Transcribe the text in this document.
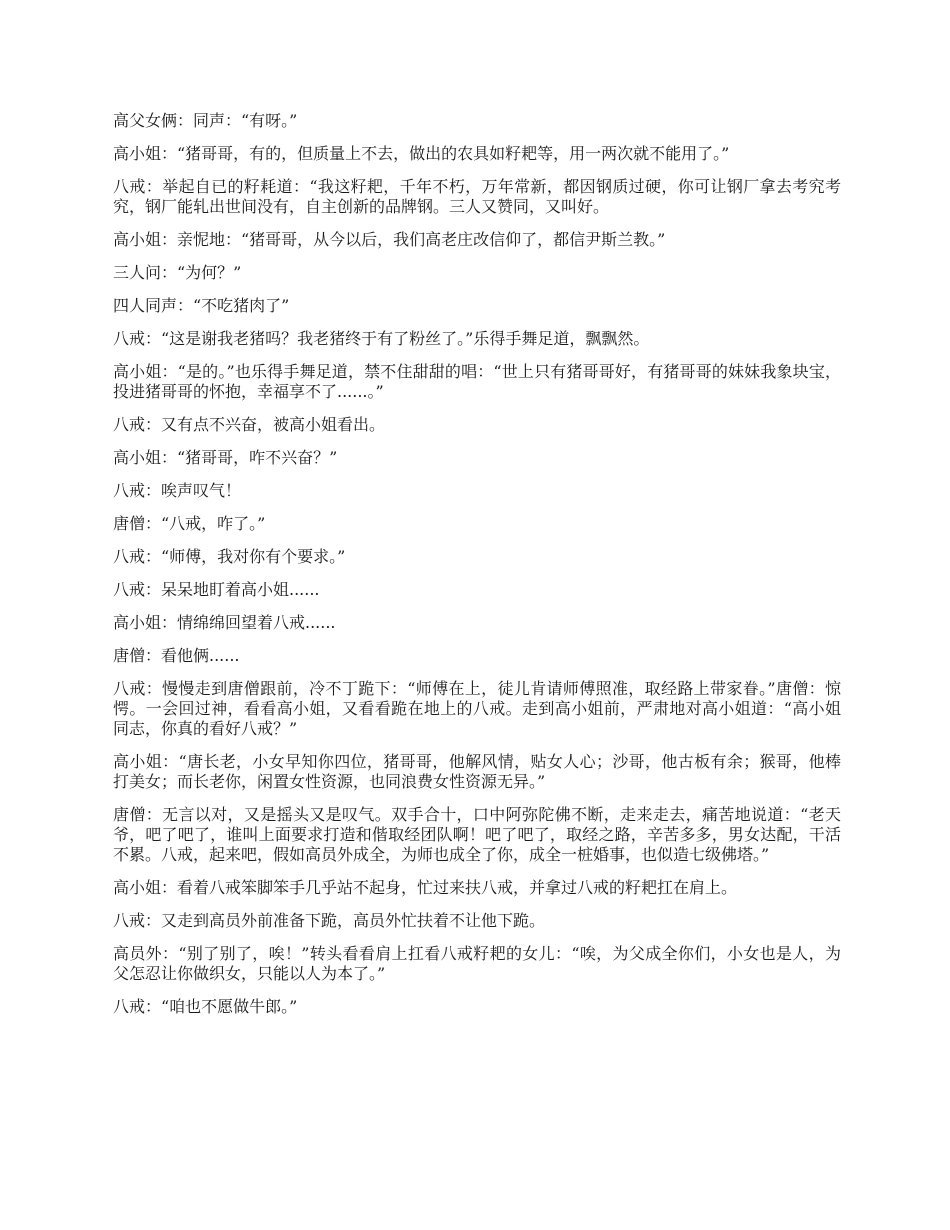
高父女俩：同声：“有呀。”

高小姐：“猪哥哥，有的，但质量上不去，做出的农具如籽耙等，用一两次就不能用了。”

八戒：举起自已的籽耗道：“我这籽耙，千年不朽，万年常新，都因钢质过硬，你可让钢厂拿去考究考究，钢厂能轧出世间没有，自主创新的品牌钢。三人又赞同，又叫好。

高小姐：亲怩地：“猪哥哥，从今以后，我们高老庄改信仰了，都信尹斯兰教。”

三人问：“为何？”

四人同声：“不吃猪肉了”

八戒：“这是谢我老猪吗？我老猪终于有了粉丝了。”乐得手舞足道，飘飘然。

高小姐：“是的。”也乐得手舞足道，禁不住甜甜的唱：“世上只有猪哥哥好，有猪哥哥的妹妹我象块宝，投进猪哥哥的怀抱，幸福享不了......。”

八戒：又有点不兴奋，被高小姐看出。

高小姐：“猪哥哥，咋不兴奋？”

八戒：唉声叹气！

唐僧：“八戒，咋了。”

八戒：“师傅，我对你有个要求。”

八戒：呆呆地盯着高小姐......

高小姐：情绵绵回望着八戒......

唐僧：看他俩......

八戒：慢慢走到唐僧跟前，冷不丁跪下：“师傅在上，徒儿肯请师傅照准，取经路上带家眷。”唐僧：惊愕。一会回过神，看看高小姐，又看看跪在地上的八戒。走到高小姐前，严肃地对高小姐道：“高小姐同志，你真的看好八戒？”

高小姐：“唐长老，小女早知你四位，猪哥哥，他解风情，贴女人心；沙哥，他古板有余；猴哥，他棒打美女；而长老你，闲置女性资源，也同浪费女性资源无异。”

唐僧：无言以对，又是摇头又是叹气。双手合十，口中阿弥陀佛不断，走来走去，痛苦地说道：“老天爷，吧了吧了，谁叫上面要求打造和偕取经团队啊！吧了吧了，取经之路，辛苦多多，男女达配，干活不累。八戒，起来吧，假如高员外成全，为师也成全了你，成全一桩婚事，也似造七级佛塔。”

高小姐：看着八戒笨脚笨手几乎站不起身，忙过来扶八戒，并拿过八戒的籽耙扛在肩上。

八戒：又走到高员外前准备下跪，高员外忙扶着不让他下跪。

高员外：“别了别了，唉！”转头看看肩上扛看八戒籽耙的女儿：“唉，为父成全你们，小女也是人，为父怎忍让你做织女，只能以人为本了。”

八戒：“咱也不愿做牛郎。”
